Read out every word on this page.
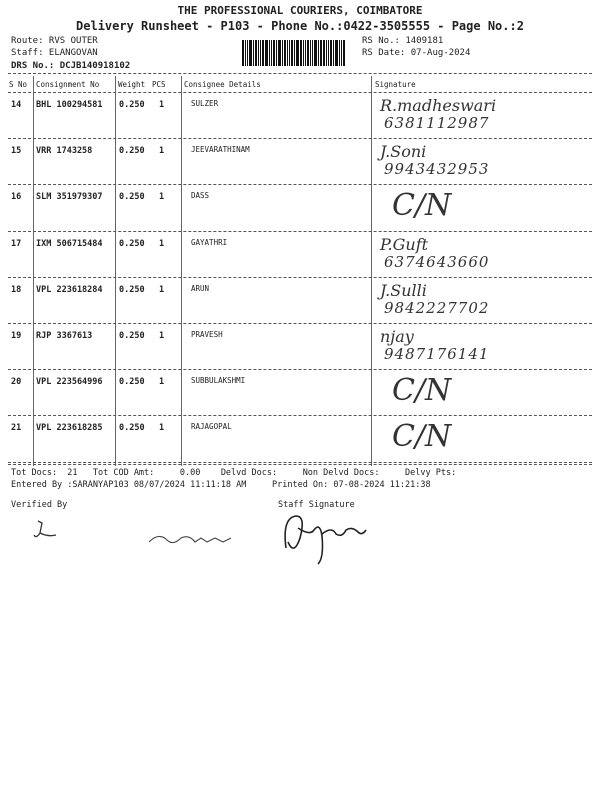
THE PROFESSIONAL COURIERS, COIMBATORE
Delivery Runsheet - P103 - Phone No.:0422-3505555 - Page No.:2
Route: RVS OUTER
Staff: ELANGOVAN
DRS No.: DCJB140918102
RS No.: 1409181
RS Date: 07-Aug-2024
S No Consignment No	Weight PCS Consignee Details	Signature
14 BHL 100294581 0.250 1	SULZER	R.madheswari
6381112987
15 VRR 1743258	0.250 1	JEEVARATHINAM	J.Soni
9943432953
16 SLM 351979307 0.250 1	DASS	C/N
17 IXM 506715484 0.250 1	GAYATHRI	P.Guft
6374643660
18 VPL 223618284 0.250 1	ARUN	J.Sulli
9842227702
19 RJP 3367613	0.250 1	PRAVESH	njay
9487176141
20 VPL 223564996 0.250 1	SUBBULAKSHMI	C/N
21 VPL 223618285 0.250 1	RAJAGOPAL	C/N
Tot Docs:  21   Tot COD Amt:     0.00    Delvd Docs:     Non Delvd Docs:     Delvy Pts:
Entered By :SARANYAP103 08/07/2024 11:11:18 AM     Printed On: 07-08-2024 11:21:38
Verified By	Staff Signature
